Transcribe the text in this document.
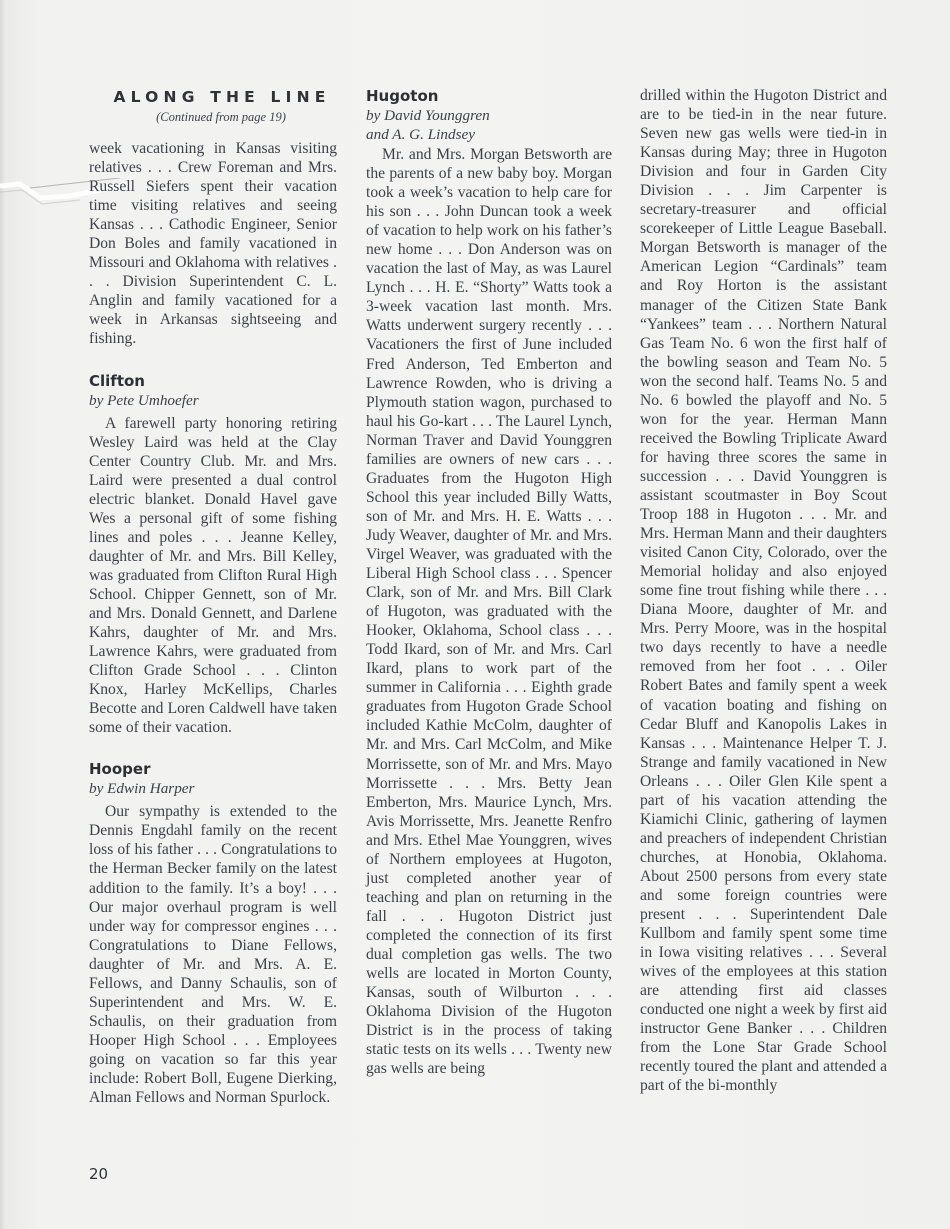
ALONG THE LINE
(Continued from page 19)

week vacationing in Kansas visiting relatives . . . Crew Foreman and Mrs. Russell Siefers spent their vacation time visiting relatives and seeing Kansas . . . Cathodic Engineer, Senior Don Boles and family vacationed in Missouri and Oklahoma with relatives . . . Division Superintendent C. L. Anglin and family vacationed for a week in Arkansas sightseeing and fishing.

Clifton

by Pete Umhoefer

A farewell party honoring retiring Wesley Laird was held at the Clay Center Country Club. Mr. and Mrs. Laird were presented a dual control electric blanket. Donald Havel gave Wes a personal gift of some fishing lines and poles . . . Jeanne Kelley, daughter of Mr. and Mrs. Bill Kelley, was graduated from Clifton Rural High School. Chipper Gennett, son of Mr. and Mrs. Donald Gennett, and Darlene Kahrs, daughter of Mr. and Mrs. Lawrence Kahrs, were graduated from Clifton Grade School . . . Clinton Knox, Harley McKellips, Charles Becotte and Loren Caldwell have taken some of their vacation.

Hooper

by Edwin Harper

Our sympathy is extended to the Dennis Engdahl family on the recent loss of his father . . . Congratulations to the Herman Becker family on the latest addition to the family. It’s a boy! . . . Our major overhaul program is well under way for compressor engines . . . Congratulations to Diane Fellows, daughter of Mr. and Mrs. A. E. Fellows, and Danny Schaulis, son of Superintendent and Mrs. W. E. Schaulis, on their graduation from Hooper High School . . . Employees going on vacation so far this year include: Robert Boll, Eugene Dierking, Alman Fellows and Norman Spurlock.

Hugoton

by David Younggren

and A. G. Lindsey

Mr. and Mrs. Morgan Betsworth are the parents of a new baby boy. Morgan took a week’s vacation to help care for his son . . . John Duncan took a week of vacation to help work on his father’s new home . . . Don Anderson was on vacation the last of May, as was Laurel Lynch . . . H. E. “Shorty” Watts took a 3-week vacation last month. Mrs. Watts underwent surgery recently . . . Vacationers the first of June included Fred Anderson, Ted Emberton and Lawrence Rowden, who is driving a Plymouth station wagon, purchased to haul his Go-kart . . . The Laurel Lynch, Norman Traver and David Younggren families are owners of new cars . . . Graduates from the Hugoton High School this year included Billy Watts, son of Mr. and Mrs. H. E. Watts . . . Judy Weaver, daughter of Mr. and Mrs. Virgel Weaver, was graduated with the Liberal High School class . . . Spencer Clark, son of Mr. and Mrs. Bill Clark of Hugoton, was graduated with the Hooker, Oklahoma, School class . . . Todd Ikard, son of Mr. and Mrs. Carl Ikard, plans to work part of the summer in California . . . Eighth grade graduates from Hugoton Grade School included Kathie McColm, daughter of Mr. and Mrs. Carl McColm, and Mike Morrissette, son of Mr. and Mrs. Mayo Morrissette . . . Mrs. Betty Jean Emberton, Mrs. Maurice Lynch, Mrs. Avis Morrissette, Mrs. Jeanette Renfro and Mrs. Ethel Mae Younggren, wives of Northern employees at Hugoton, just completed another year of teaching and plan on returning in the fall . . . Hugoton District just completed the connection of its first dual completion gas wells. The two wells are located in Morton County, Kansas, south of Wilburton . . . Oklahoma Division of the Hugoton District is in the process of taking static tests on its wells . . . Twenty new gas wells are being

drilled within the Hugoton District and are to be tied-in in the near future. Seven new gas wells were tied-in in Kansas during May; three in Hugoton Division and four in Garden City Division . . . Jim Carpenter is secretary-treasurer and official scorekeeper of Little League Baseball. Morgan Betsworth is manager of the American Legion “Cardinals” team and Roy Horton is the assistant manager of the Citizen State Bank “Yankees” team . . . Northern Natural Gas Team No. 6 won the first half of the bowling season and Team No. 5 won the second half. Teams No. 5 and No. 6 bowled the playoff and No. 5 won for the year. Herman Mann received the Bowling Triplicate Award for having three scores the same in succession . . . David Younggren is assistant scoutmaster in Boy Scout Troop 188 in Hugoton . . . Mr. and Mrs. Herman Mann and their daughters visited Canon City, Colorado, over the Memorial holiday and also enjoyed some fine trout fishing while there . . . Diana Moore, daughter of Mr. and Mrs. Perry Moore, was in the hospital two days recently to have a needle removed from her foot . . . Oiler Robert Bates and family spent a week of vacation boating and fishing on Cedar Bluff and Kanopolis Lakes in Kansas . . . Maintenance Helper T. J. Strange and family vacationed in New Orleans . . . Oiler Glen Kile spent a part of his vacation attending the Kiamichi Clinic, gathering of laymen and preachers of independent Christian churches, at Honobia, Oklahoma. About 2500 persons from every state and some foreign countries were present . . . Superintendent Dale Kullbom and family spent some time in Iowa visiting relatives . . . Several wives of the employees at this station are attending first aid classes conducted one night a week by first aid instructor Gene Banker . . . Children from the Lone Star Grade School recently toured the plant and attended a part of the bi-monthly

20
